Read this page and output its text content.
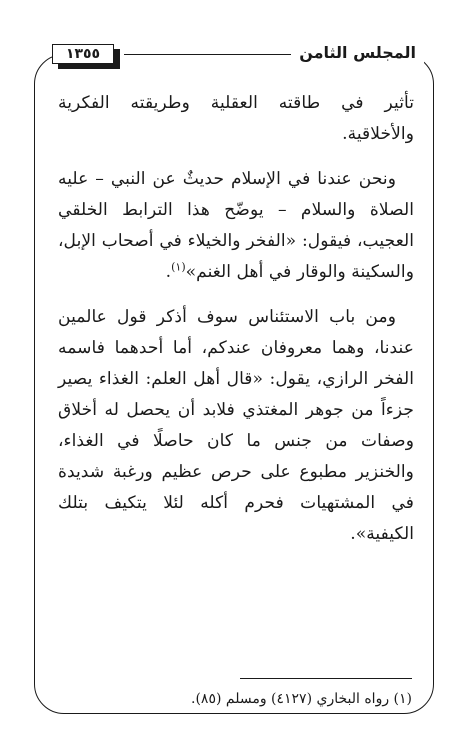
المجلس الثامن
١٣٥٥

تأثير في طاقته العقلية وطريقته الفكرية والأخلاقية.

ونحن عندنا في الإسلام حديثٌ عن النبي – عليه الصلاة والسلام – يوضّح هذا الترابط الخلقي العجيب، فيقول: «الفخر والخيلاء في أصحاب الإبل، والسكينة والوقار في أهل الغنم»$^{(١)}$.

ومن باب الاستئناس سوف أذكر قول عالمين عندنا، وهما معروفان عندكم، أما أحدهما فاسمه الفخر الرازي، يقول: «قال أهل العلم: الغذاء يصير جزءاً من جوهر المغتذي فلابد أن يحصل له أخلاق وصفات من جنس ما كان حاصلًا في الغذاء، والخنزير مطبوع على حرص عظيم ورغبة شديدة في المشتهيات فحرم أكله لئلا يتكيف بتلك الكيفية».

(١) رواه البخاري (٤١٢٧) ومسلم (٨٥).
